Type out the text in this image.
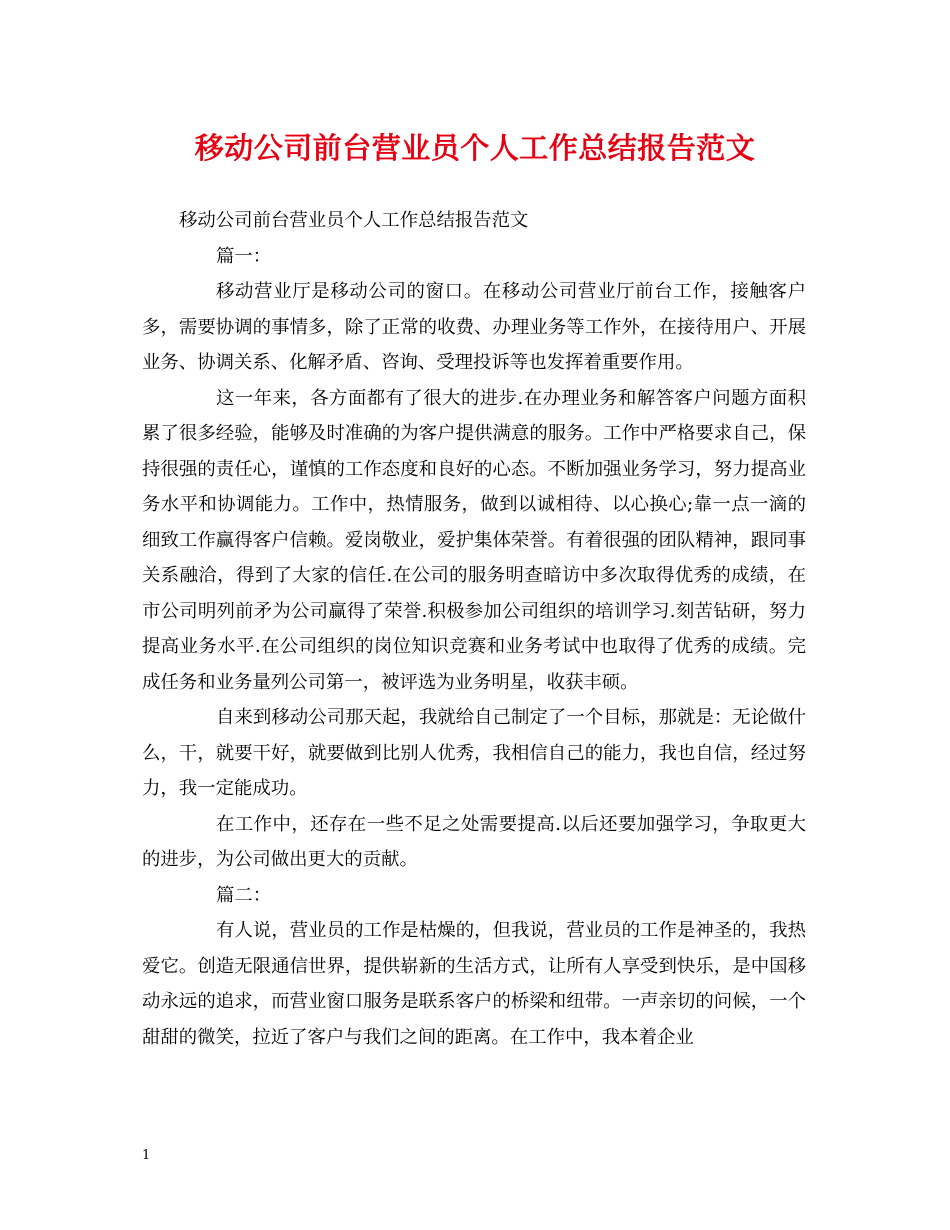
移动公司前台营业员个人工作总结报告范文

移动公司前台营业员个人工作总结报告范文

篇一：

移动营业厅是移动公司的窗口。在移动公司营业厅前台工作，接触客户多，需要协调的事情多，除了正常的收费、办理业务等工作外，在接待用户、开展业务、协调关系、化解矛盾、咨询、受理投诉等也发挥着重要作用。

这一年来，各方面都有了很大的进步.在办理业务和解答客户问题方面积累了很多经验，能够及时准确的为客户提供满意的服务。工作中严格要求自己，保持很强的责任心，谨慎的工作态度和良好的心态。不断加强业务学习，努力提高业务水平和协调能力。工作中，热情服务，做到以诚相待、以心换心;靠一点一滴的细致工作赢得客户信赖。爱岗敬业，爱护集体荣誉。有着很强的团队精神，跟同事关系融洽，得到了大家的信任.在公司的服务明查暗访中多次取得优秀的成绩，在市公司明列前矛为公司赢得了荣誉.积极参加公司组织的培训学习.刻苦钻研，努力提高业务水平.在公司组织的岗位知识竞赛和业务考试中也取得了优秀的成绩。完成任务和业务量列公司第一，被评选为业务明星，收获丰硕。

自来到移动公司那天起，我就给自己制定了一个目标，那就是：无论做什么，干，就要干好，就要做到比别人优秀，我相信自己的能力，我也自信，经过努力，我一定能成功。

在工作中，还存在一些不足之处需要提高.以后还要加强学习，争取更大的进步，为公司做出更大的贡献。

篇二：

有人说，营业员的工作是枯燥的，但我说，营业员的工作是神圣的，我热爱它。创造无限通信世界，提供崭新的生活方式，让所有人享受到快乐，是中国移动永远的追求，而营业窗口服务是联系客户的桥梁和纽带。一声亲切的问候，一个甜甜的微笑，拉近了客户与我们之间的距离。在工作中，我本着企业

1
